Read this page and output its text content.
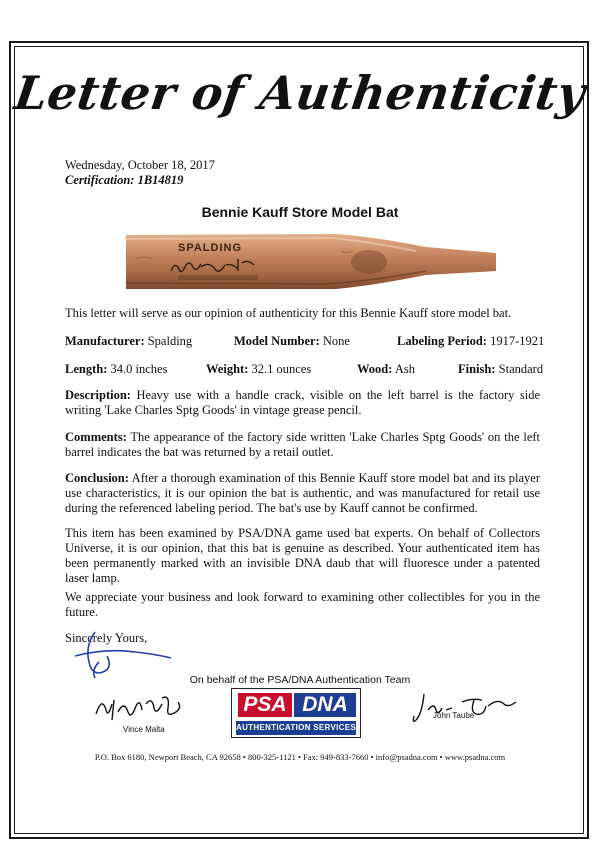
Letter of Authenticity
Wednesday, October 18, 2017
Certification: 1B14819
Bennie Kauff Store Model Bat
SPALDING

This letter will serve as our opinion of authenticity for this Bennie Kauff store model bat.

Manufacturer: Spalding	Model Number: None	Labeling Period: 1917-1921
Length: 34.0 inches	Weight: 32.1 ounces	Wood: Ash	Finish: Standard

Description: Heavy use with a handle crack, visible on the left barrel is the factory side writing 'Lake Charles Sptg Goods' in vintage grease pencil.

Comments: The appearance of the factory side written 'Lake Charles Sptg Goods' on the left barrel indicates the bat was returned by a retail outlet.

Conclusion: After a thorough examination of this Bennie Kauff store model bat and its player use characteristics, it is our opinion the bat is authentic, and was manufactured for retail use during the referenced labeling period. The bat's use by Kauff cannot be confirmed.

This item has been examined by PSA/DNA game used bat experts. On behalf of Collectors Universe, it is our opinion, that this bat is genuine as described. Your authenticated item has been permanently marked with an invisible DNA daub that will fluoresce under a patented laser lamp.

We appreciate your business and look forward to examining other collectibles for you in the future.

Sincerely Yours,
On behalf of the PSA/DNA Authentication Team
Vince Malta
PSA DNA
AUTHENTICATION SERVICES
John Taube
P.O. Box 6180, Newport Beach, CA 92658 • 800-325-1121 • Fax: 949-833-7660 • info@psadna.com • www.psadna.com
